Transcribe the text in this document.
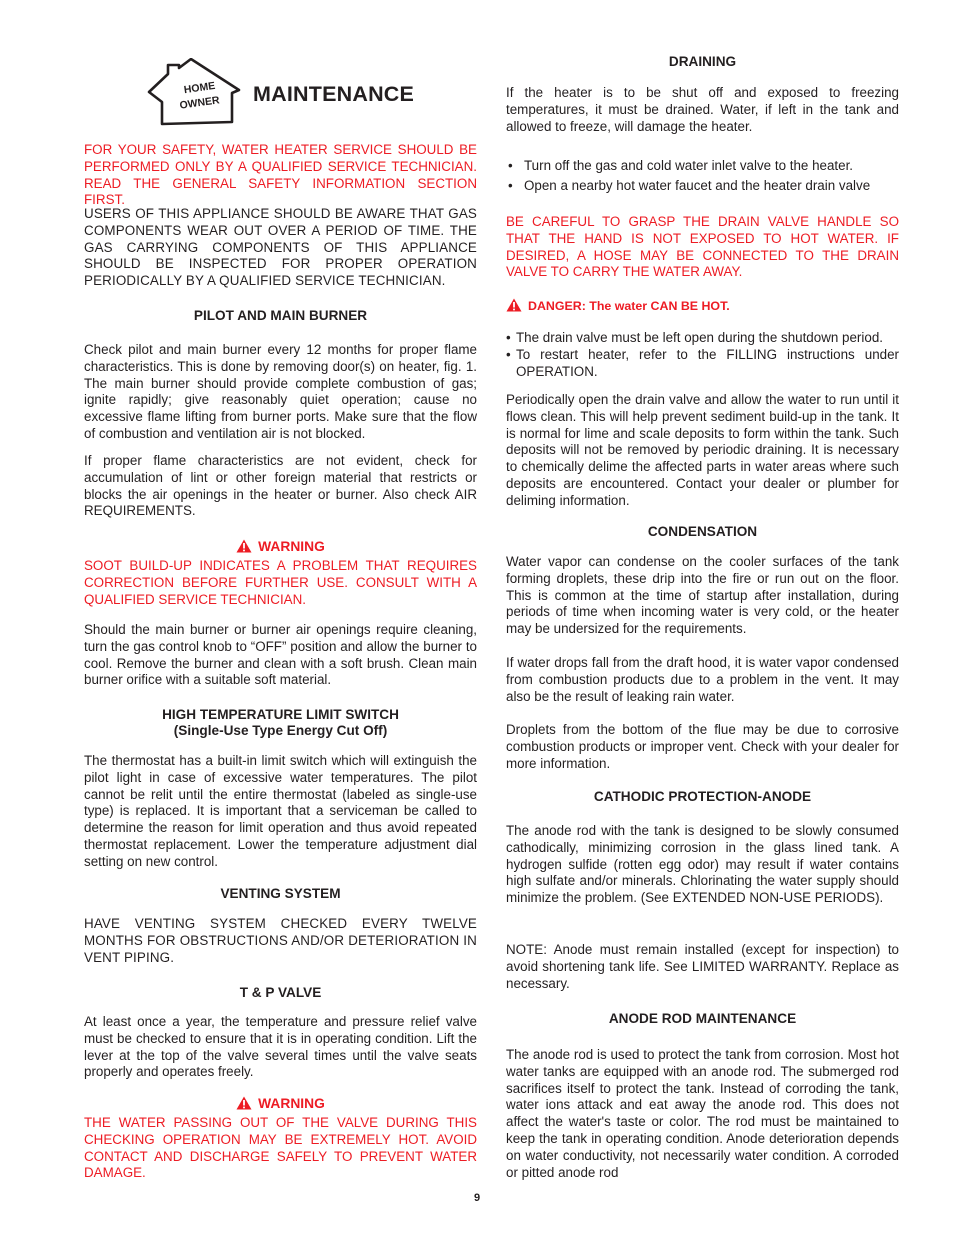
HOME
OWNER MAINTENANCE

FOR YOUR SAFETY, WATER HEATER SERVICE SHOULD BE PERFORMED ONLY BY A QUALIFIED SERVICE TECHNICIAN. READ THE GENERAL SAFETY INFORMATION SECTION FIRST.

USERS OF THIS APPLIANCE SHOULD BE AWARE THAT GAS COMPONENTS WEAR OUT OVER A PERIOD OF TIME. THE GAS CARRYING COMPONENTS OF THIS APPLIANCE SHOULD BE INSPECTED FOR PROPER OPERATION PERIODICALLY BY A QUALIFIED SERVICE TECHNICIAN.

PILOT AND MAIN BURNER

Check pilot and main burner every 12 months for proper flame characteristics. This is done by removing door(s) on heater, fig. 1. The main burner should provide complete combustion of gas; ignite rapidly; give reasonably quiet operation; cause no excessive flame lifting from burner ports. Make sure that the flow of combustion and ventilation air is not blocked.

If proper flame characteristics are not evident, check for accumulation of lint or other foreign material that restricts or blocks the air openings in the heater or burner. Also check AIR REQUIREMENTS.

WARNING

SOOT BUILD-UP INDICATES A PROBLEM THAT REQUIRES CORRECTION BEFORE FURTHER USE. CONSULT WITH A QUALIFIED SERVICE TECHNICIAN.

Should the main burner or burner air openings require cleaning, turn the gas control knob to “OFF” position and allow the burner to cool. Remove the burner and clean with a soft brush. Clean main burner orifice with a suitable soft material.

HIGH TEMPERATURE LIMIT SWITCH
(Single-Use Type Energy Cut Off)

The thermostat has a built-in limit switch which will extinguish the pilot light in case of excessive water temperatures. The pilot cannot be relit until the entire thermostat (labeled as single-use type) is replaced. It is important that a serviceman be called to determine the reason for limit operation and thus avoid repeated thermostat replacement. Lower the temperature adjustment dial setting on new control.

VENTING SYSTEM

HAVE VENTING SYSTEM CHECKED EVERY TWELVE MONTHS FOR OBSTRUCTIONS AND/OR DETERIORATION IN VENT PIPING.

T & P VALVE

At least once a year, the temperature and pressure relief valve must be checked to ensure that it is in operating condition. Lift the lever at the top of the valve several times until the valve seats properly and operates freely.

WARNING

THE WATER PASSING OUT OF THE VALVE DURING THIS CHECKING OPERATION MAY BE EXTREMELY HOT. AVOID CONTACT AND DISCHARGE SAFELY TO PREVENT WATER DAMAGE.

DRAINING

If the heater is to be shut off and exposed to freezing temperatures, it must be drained. Water, if left in the tank and allowed to freeze, will damage the heater.

• Turn off the gas and cold water inlet valve to the heater.
• Open a nearby hot water faucet and the heater drain valve

BE CAREFUL TO GRASP THE DRAIN VALVE HANDLE SO THAT THE HAND IS NOT EXPOSED TO HOT WATER. IF DESIRED, A HOSE MAY BE CONNECTED TO THE DRAIN VALVE TO CARRY THE WATER AWAY.

DANGER: The water CAN BE HOT.
• The drain valve must be left open during the shutdown period.
• To restart heater, refer to the FILLING instructions under OPERATION.

Periodically open the drain valve and allow the water to run until it flows clean. This will help prevent sediment build-up in the tank. It is normal for lime and scale deposits to form within the tank. Such deposits will not be removed by periodic draining. It is necessary to chemically delime the affected parts in water areas where such deposits are encountered. Contact your dealer or plumber for deliming information.

CONDENSATION

Water vapor can condense on the cooler surfaces of the tank forming droplets, these drip into the fire or run out on the floor. This is common at the time of startup after installation, during periods of time when incoming water is very cold, or the heater may be undersized for the requirements.

If water drops fall from the draft hood, it is water vapor condensed from combustion products due to a problem in the vent. It may also be the result of leaking rain water.

Droplets from the bottom of the flue may be due to corrosive combustion products or improper vent. Check with your dealer for more information.

CATHODIC PROTECTION-ANODE

The anode rod with the tank is designed to be slowly consumed cathodically, minimizing corrosion in the glass lined tank. A hydrogen sulfide (rotten egg odor) may result if water contains high sulfate and/or minerals. Chlorinating the water supply should minimize the problem. (See EXTENDED NON-USE PERIODS).

NOTE: Anode must remain installed (except for inspection) to avoid shortening tank life. See LIMITED WARRANTY. Replace as necessary.

ANODE ROD MAINTENANCE

The anode rod is used to protect the tank from corrosion. Most hot water tanks are equipped with an anode rod. The submerged rod sacrifices itself to protect the tank. Instead of corroding the tank, water ions attack and eat away the anode rod. This does not affect the water's taste or color. The rod must be maintained to keep the tank in operating condition. Anode deterioration depends on water conductivity, not necessarily water condition. A corroded or pitted anode rod

9
